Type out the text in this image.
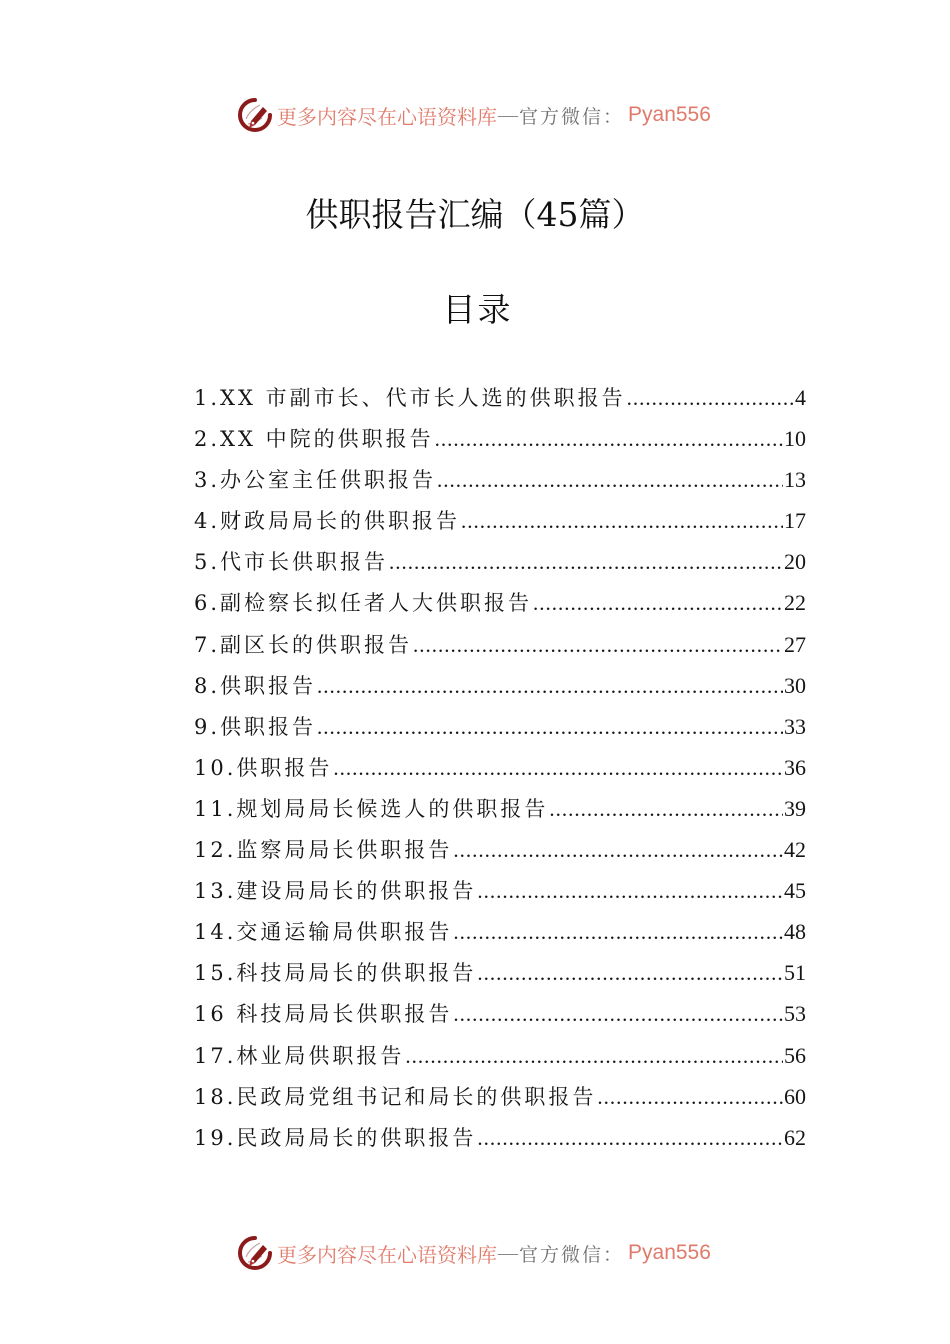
更多内容尽在心语资料库 — 官方微信： Pyan556
供职报告汇编（45篇）
目录
1.XX 市副市长、代市长人选的供职报告 .....	4
2.XX 中院的供职报告 .....	10
3.办公室主任供职报告 .....	13
4.财政局局长的供职报告 .....	17
5.代市长供职报告 .....	20
6.副检察长拟任者人大供职报告 .....	22
7.副区长的供职报告 .....	27
8.供职报告 .....	30
9.供职报告 .....	33
10.供职报告 .....	36
11.规划局局长候选人的供职报告 .....	39
12.监察局局长供职报告 .....	42
13.建设局局长的供职报告 .....	45
14.交通运输局供职报告 .....	48
15.科技局局长的供职报告 .....	51
16 科技局局长供职报告 .....	53
17.林业局供职报告 .....	56
18.民政局党组书记和局长的供职报告 .....	60
19.民政局局长的供职报告 .....	62
更多内容尽在心语资料库 — 官方微信： Pyan556
